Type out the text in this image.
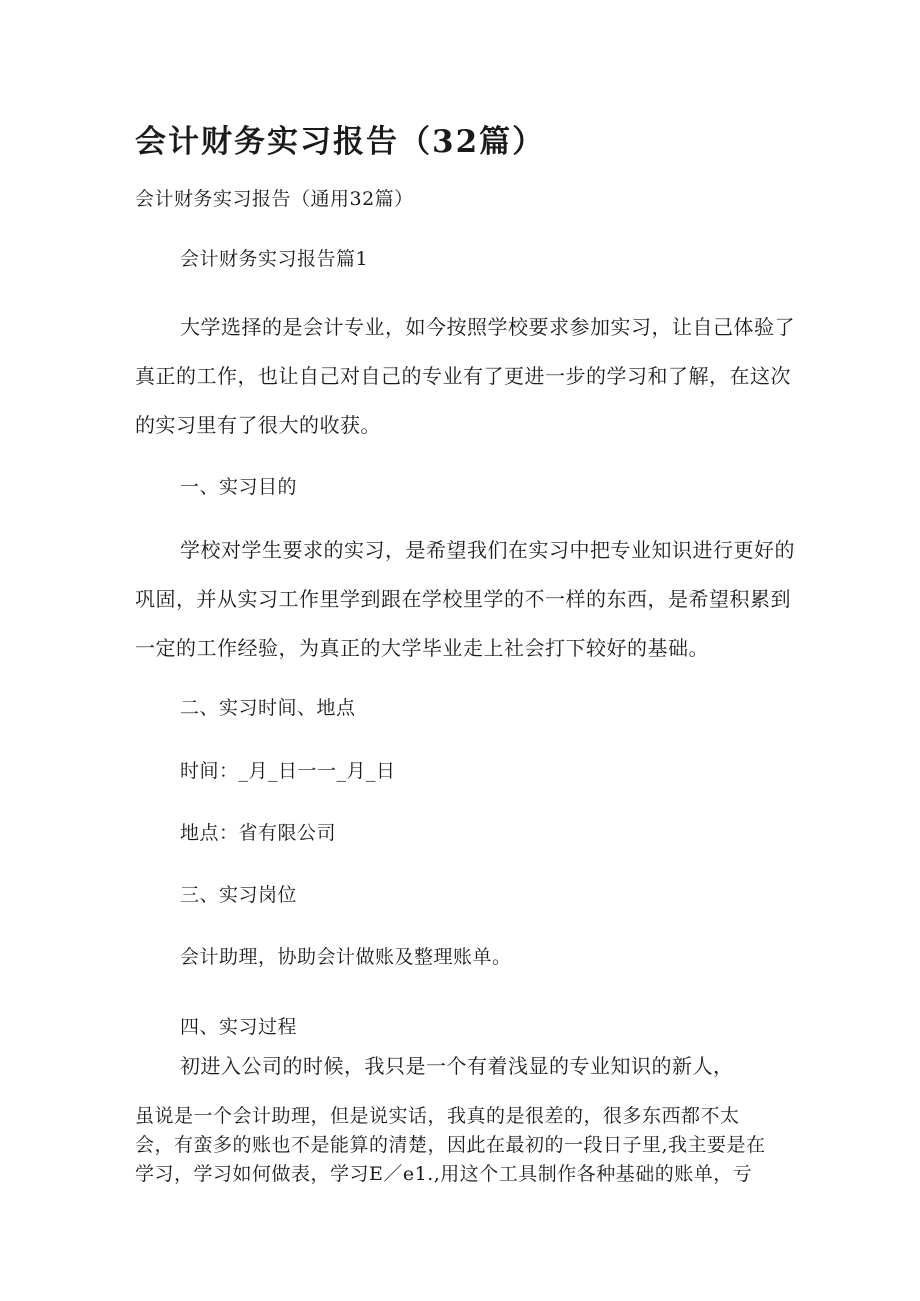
会计财务实习报告（32篇）

会计财务实习报告（通用32篇）

会计财务实习报告篇1

大学选择的是会计专业，如今按照学校要求参加实习，让自己体验了

真正的工作，也让自己对自己的专业有了更进一步的学习和了解，在这次

的实习里有了很大的收获。

一、实习目的

学校对学生要求的实习，是希望我们在实习中把专业知识进行更好的

巩固，并从实习工作里学到跟在学校里学的不一样的东西，是希望积累到

一定的工作经验，为真正的大学毕业走上社会打下较好的基础。

二、实习时间、地点

时间：_月_日一一_月_日

地点：省有限公司

三、实习岗位

会计助理，协助会计做账及整理账单。

四、实习过程

初进入公司的时候，我只是一个有着浅显的专业知识的新人，

虽说是一个会计助理，但是说实话，我真的是很差的，很多东西都不太

会，有蛮多的账也不是能算的清楚，因此在最初的一段日子里,我主要是在

学习，学习如何做表，学习E／e1.,用这个工具制作各种基础的账单，亏
